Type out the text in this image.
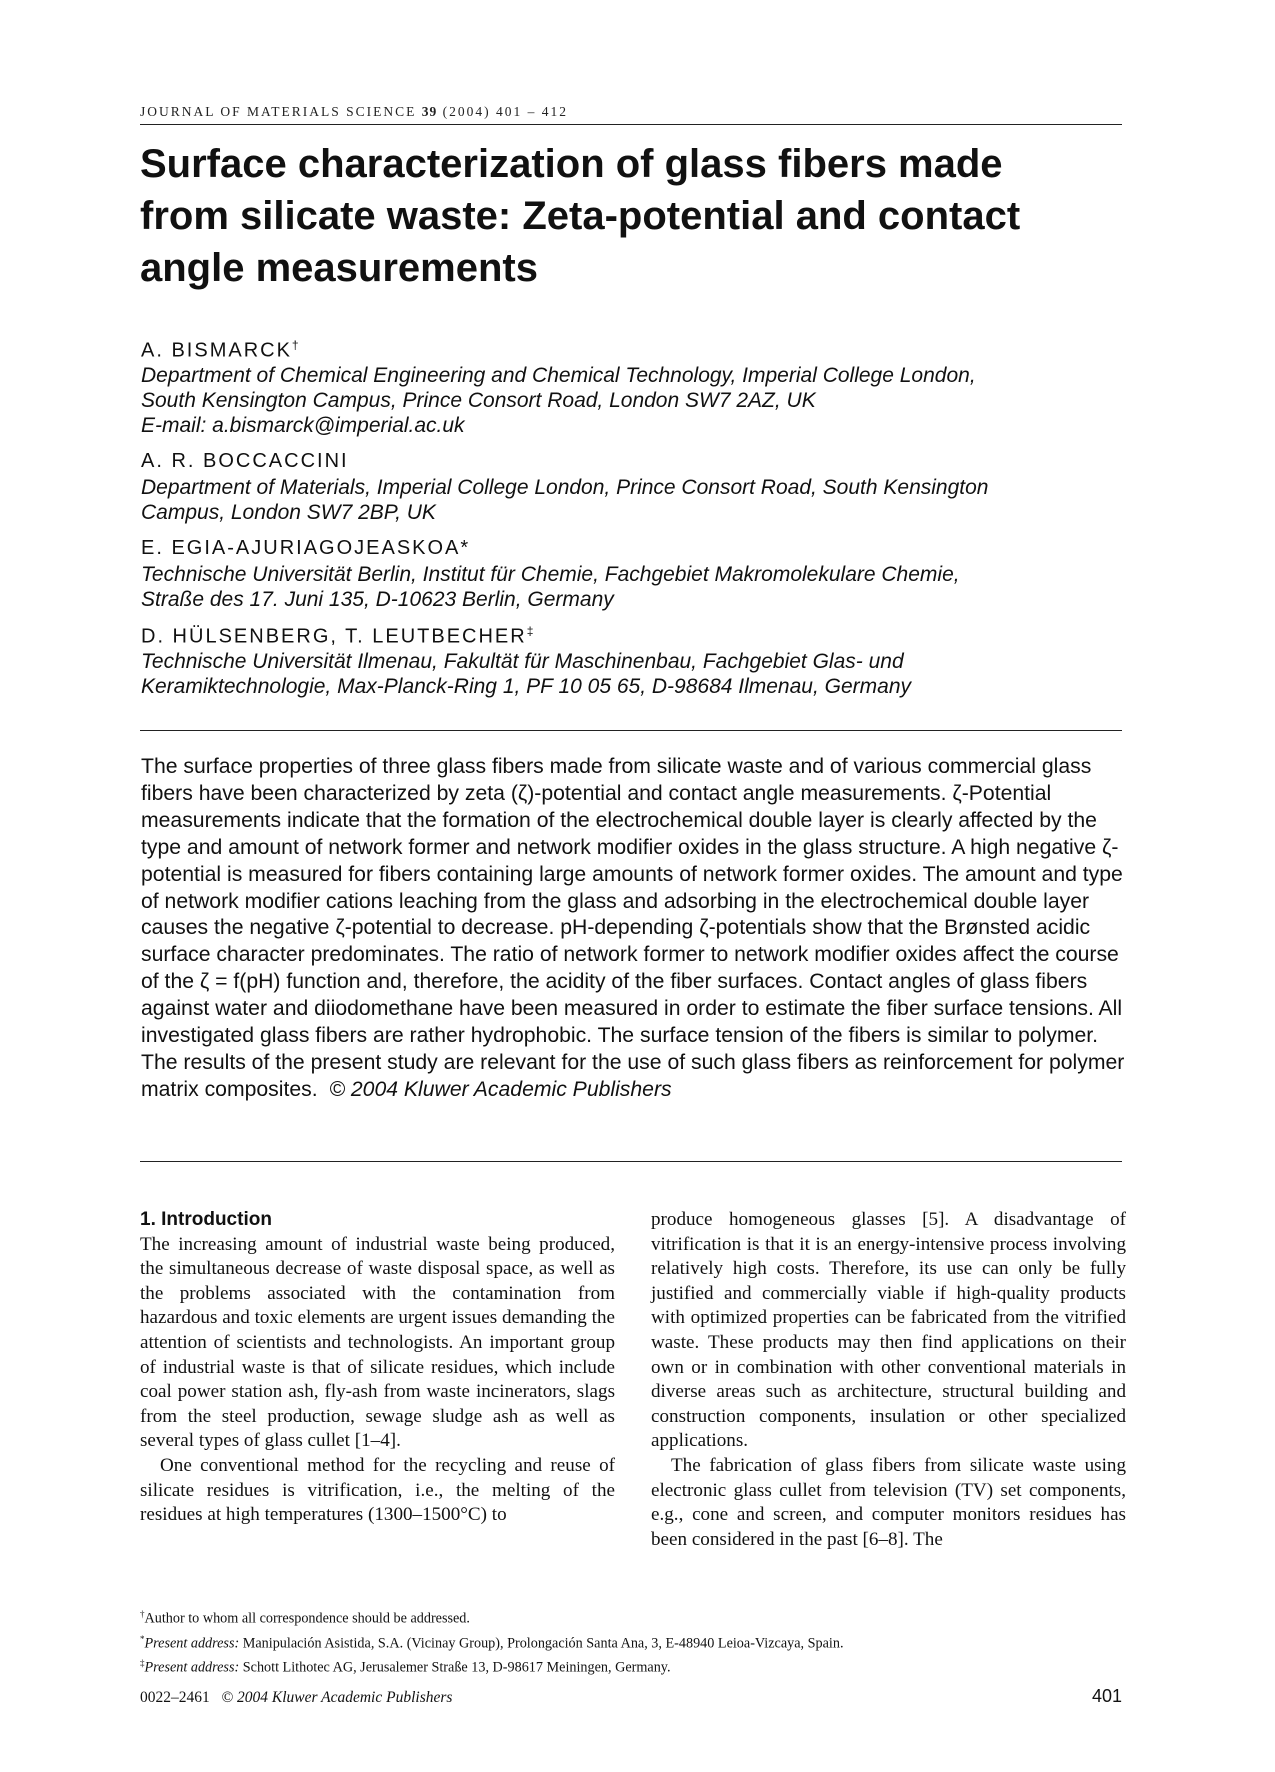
JOURNAL OF MATERIALS SCIENCE 39 (2004) 401 – 412
Surface characterization of glass fibers made from silicate waste: Zeta-potential and contact angle measurements
A. BISMARCK†
Department of Chemical Engineering and Chemical Technology, Imperial College London,
South Kensington Campus, Prince Consort Road, London SW7 2AZ, UK
E-mail: a.bismarck@imperial.ac.uk
A. R. BOCCACCINI
Department of Materials, Imperial College London, Prince Consort Road, South Kensington
Campus, London SW7 2BP, UK
E. EGIA-AJURIAGOJEASKOA*
Technische Universität Berlin, Institut für Chemie, Fachgebiet Makromolekulare Chemie,
Straße des 17. Juni 135, D-10623 Berlin, Germany
D. HÜLSENBERG, T. LEUTBECHER‡
Technische Universität Ilmenau, Fakultät für Maschinenbau, Fachgebiet Glas- und
Keramiktechnologie, Max-Planck-Ring 1, PF 10 05 65, D-98684 Ilmenau, Germany

The surface properties of three glass fibers made from silicate waste and of various commercial glass fibers have been characterized by zeta (ζ)-potential and contact angle measurements. ζ-Potential measurements indicate that the formation of the electrochemical double layer is clearly affected by the type and amount of network former and network modifier oxides in the glass structure. A high negative ζ-potential is measured for fibers containing large amounts of network former oxides. The amount and type of network modifier cations leaching from the glass and adsorbing in the electrochemical double layer causes the negative ζ-potential to decrease. pH-depending ζ-potentials show that the Brønsted acidic surface character predominates. The ratio of network former to network modifier oxides affect the course of the ζ = f(pH) function and, therefore, the acidity of the fiber surfaces. Contact angles of glass fibers against water and diiodomethane have been measured in order to estimate the fiber surface tensions. All investigated glass fibers are rather hydrophobic. The surface tension of the fibers is similar to polymer. The results of the present study are relevant for the use of such glass fibers as reinforcement for polymer matrix composites. © 2004 Kluwer Academic Publishers

1. Introduction

The increasing amount of industrial waste being produced, the simultaneous decrease of waste disposal space, as well as the problems associated with the contamination from hazardous and toxic elements are urgent issues demanding the attention of scientists and technologists. An important group of industrial waste is that of silicate residues, which include coal power station ash, fly-ash from waste incinerators, slags from the steel production, sewage sludge ash as well as several types of glass cullet [1–4].

One conventional method for the recycling and reuse of silicate residues is vitrification, i.e., the melting of the residues at high temperatures (1300–1500°C) to

produce homogeneous glasses [5]. A disadvantage of vitrification is that it is an energy-intensive process involving relatively high costs. Therefore, its use can only be fully justified and commercially viable if high-quality products with optimized properties can be fabricated from the vitrified waste. These products may then find applications on their own or in combination with other conventional materials in diverse areas such as architecture, structural building and construction components, insulation or other specialized applications.

The fabrication of glass fibers from silicate waste using electronic glass cullet from television (TV) set components, e.g., cone and screen, and computer monitors residues has been considered in the past [6–8]. The

†Author to whom all correspondence should be addressed.
*Present address: Manipulación Asistida, S.A. (Vicinay Group), Prolongación Santa Ana, 3, E-48940 Leioa-Vizcaya, Spain.
‡Present address: Schott Lithotec AG, Jerusalemer Straße 13, D-98617 Meiningen, Germany.
0022–2461 © 2004 Kluwer Academic Publishers	401
